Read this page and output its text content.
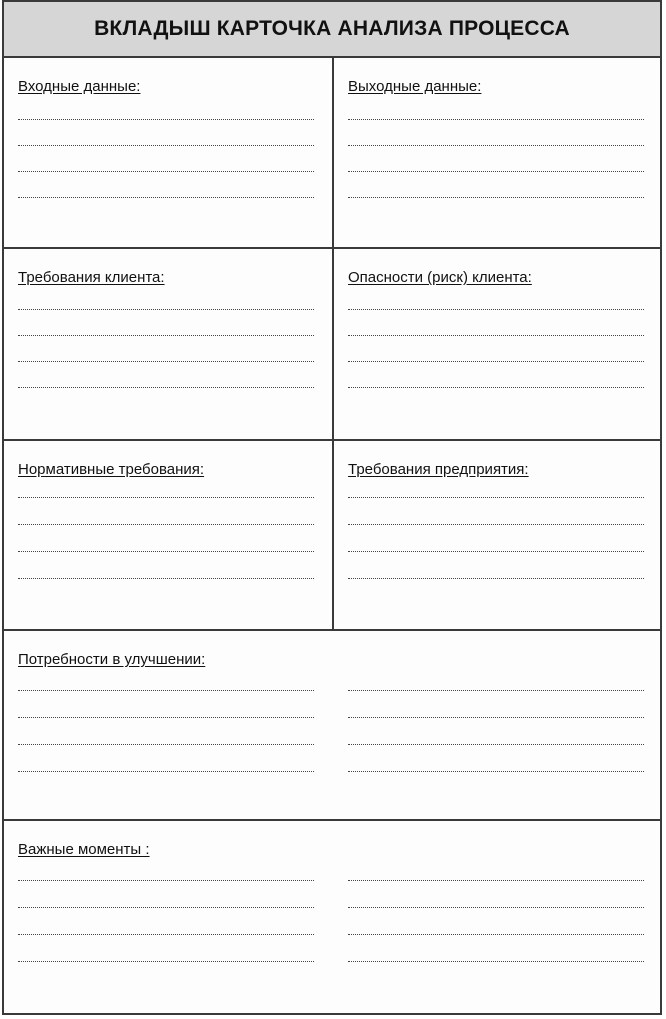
ВКЛАДЫШ КАРТОЧКА АНАЛИЗА ПРОЦЕССА
Входные данные:	Выходные данные:
Требования клиента:	Опасности (риск) клиента:
Нормативные требования:	Требования предприятия:
Потребности в улучшении:
Важные моменты :
